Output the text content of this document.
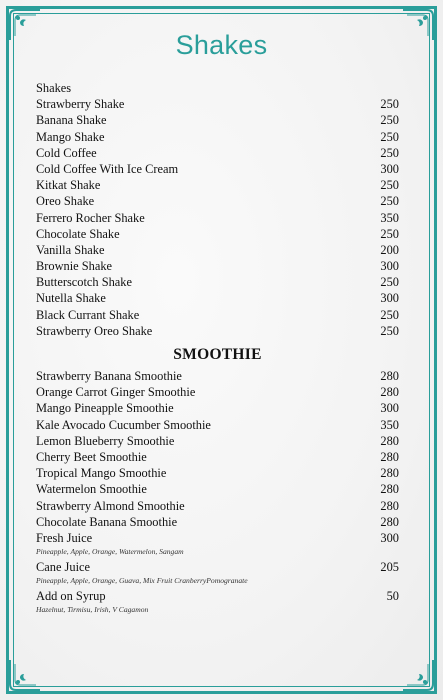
Shakes
Shakes
Strawberry Shake	250
Banana Shake	250
Mango Shake	250
Cold Coffee	250
Cold Coffee With Ice Cream	300
Kitkat Shake	250
Oreo Shake	250
Ferrero Rocher Shake	350
Chocolate Shake	250
Vanilla Shake	200
Brownie Shake	300
Butterscotch Shake	250
Nutella Shake	300
Black Currant Shake	250
Strawberry Oreo Shake	250
SMOOTHIE
Strawberry Banana Smoothie	280
Orange Carrot Ginger Smoothie	280
Mango Pineapple Smoothie	300
Kale Avocado Cucumber Smoothie	350
Lemon Blueberry Smoothie	280
Cherry Beet Smoothie	280
Tropical Mango Smoothie	280
Watermelon Smoothie	280
Strawberry Almond Smoothie	280
Chocolate Banana Smoothie	280
Fresh Juice	300
Pineapple, Apple, Orange, Watermelon, Sangam
Cane Juice	205
Pineapple, Apple, Orange, Guava, Mix Fruit CranberryPomogranate
Add on Syrup	50
Hazelnut, Tirmisu, Irish, V Cagamon
